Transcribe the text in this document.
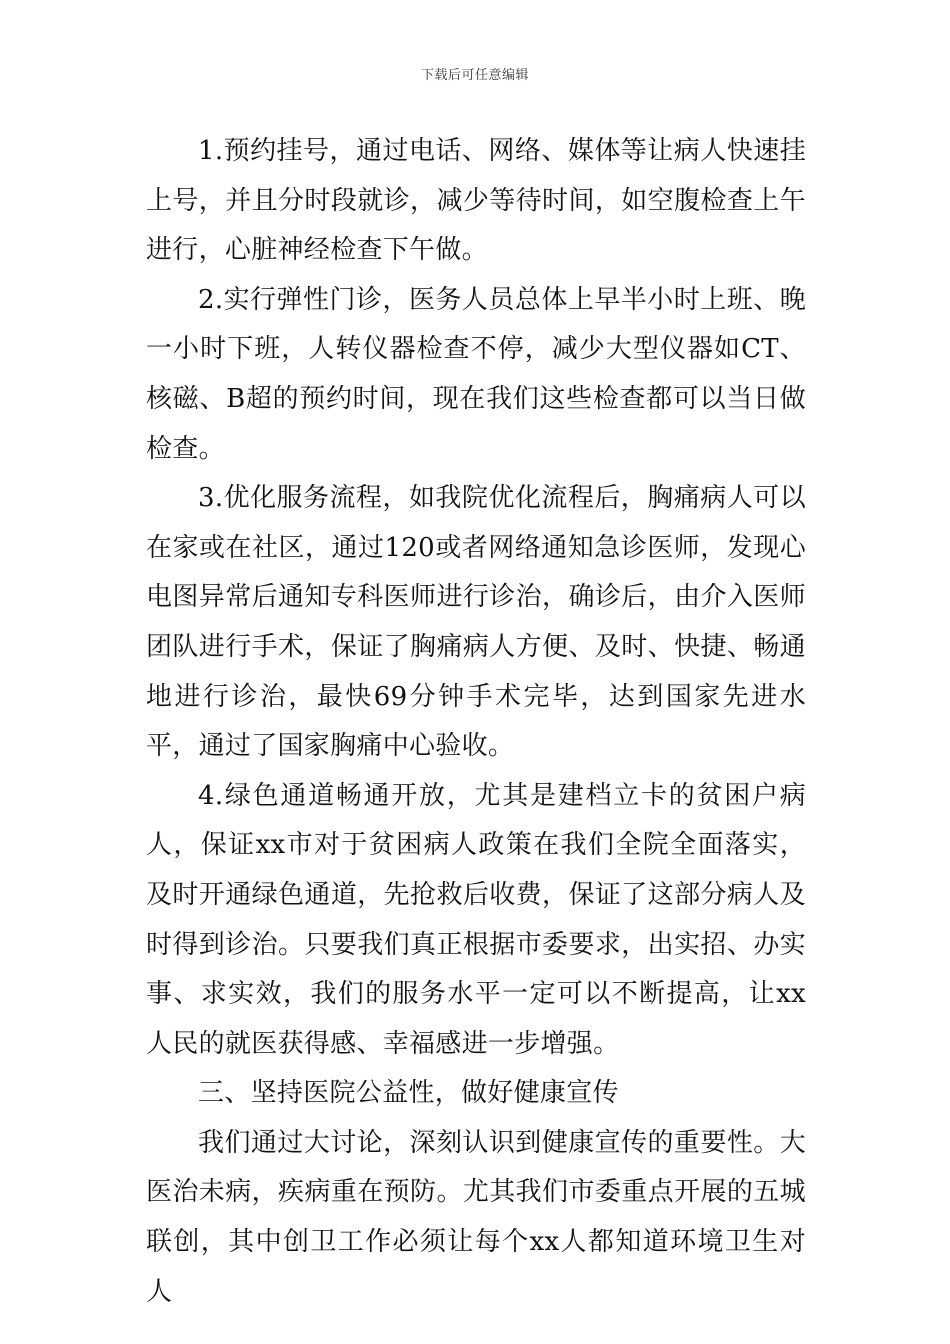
下载后可任意编辑

1.预约挂号，通过电话、网络、媒体等让病人快速挂上号，并且分时段就诊，减少等待时间，如空腹检查上午进行，心脏神经检查下午做。

2.实行弹性门诊，医务人员总体上早半小时上班、晚一小时下班，人转仪器检查不停，减少大型仪器如CT、核磁、B超的预约时间，现在我们这些检查都可以当日做检查。

3.优化服务流程，如我院优化流程后，胸痛病人可以在家或在社区，通过120或者网络通知急诊医师，发现心电图异常后通知专科医师进行诊治，确诊后，由介入医师团队进行手术，保证了胸痛病人方便、及时、快捷、畅通地进行诊治，最快69分钟手术完毕，达到国家先进水平，通过了国家胸痛中心验收。

4.绿色通道畅通开放，尤其是建档立卡的贫困户病人，保证xx市对于贫困病人政策在我们全院全面落实，及时开通绿色通道，先抢救后收费，保证了这部分病人及时得到诊治。只要我们真正根据市委要求，出实招、办实事、求实效，我们的服务水平一定可以不断提高，让xx人民的就医获得感、幸福感进一步增强。

三、坚持医院公益性，做好健康宣传

我们通过大讨论，深刻认识到健康宣传的重要性。大医治未病，疾病重在预防。尤其我们市委重点开展的五城联创，其中创卫工作必须让每个xx人都知道环境卫生对人
